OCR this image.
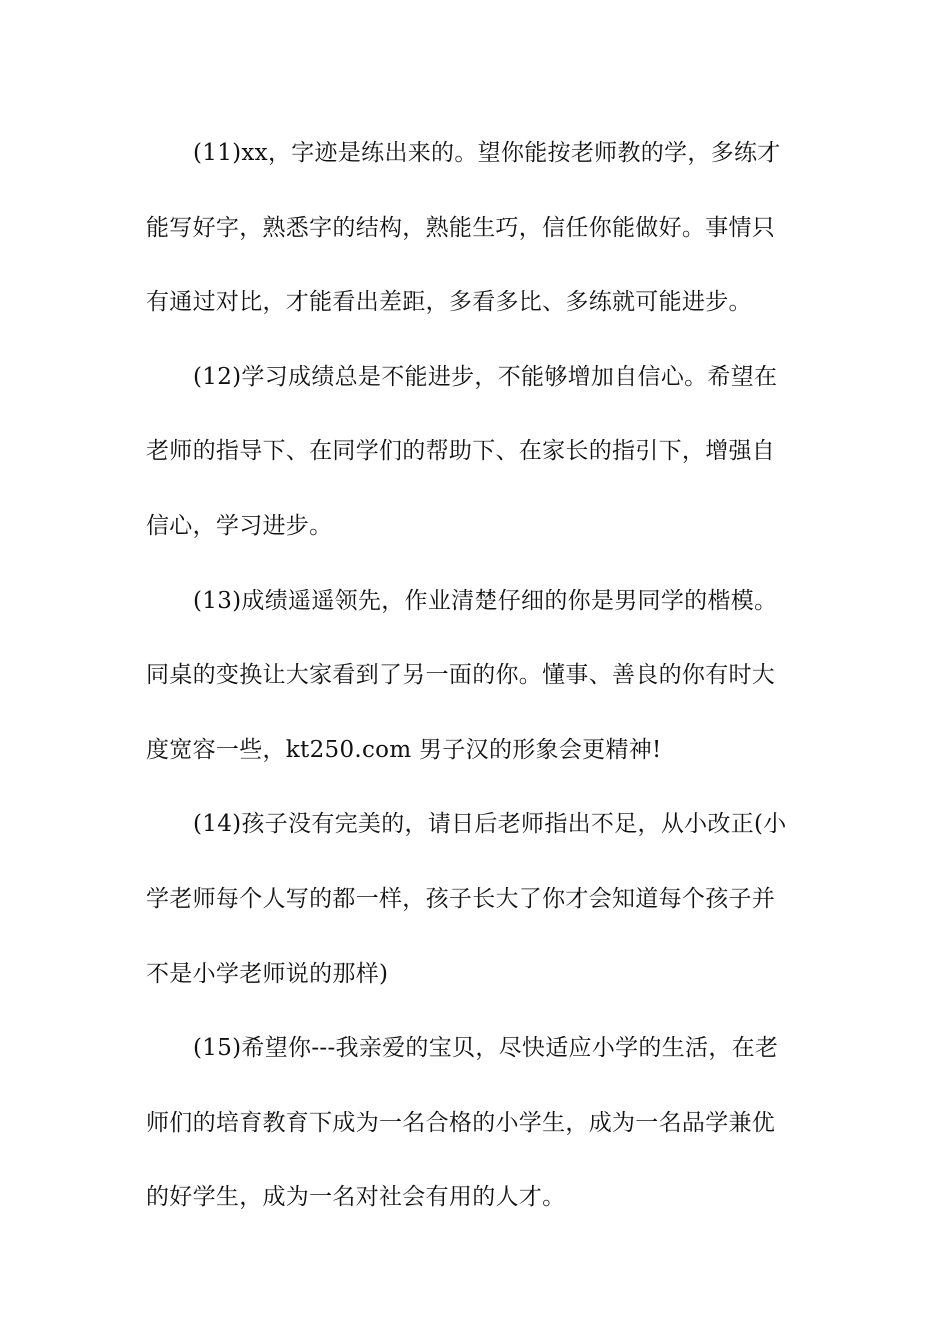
(11)xx，字迹是练出来的。望你能按老师教的学，多练才
能写好字，熟悉字的结构，熟能生巧，信任你能做好。事情只
有通过对比，才能看出差距，多看多比、多练就可能进步。
(12)学习成绩总是不能进步，不能够增加自信心。希望在
老师的指导下、在同学们的帮助下、在家长的指引下，增强自
信心，学习进步。
(13)成绩遥遥领先，作业清楚仔细的你是男同学的楷模。
同桌的变换让大家看到了另一面的你。懂事、善良的你有时大
度宽容一些，kt250.com 男子汉的形象会更精神!
(14)孩子没有完美的，请日后老师指出不足，从小改正(小
学老师每个人写的都一样，孩子长大了你才会知道每个孩子并
不是小学老师说的那样)
(15)希望你---我亲爱的宝贝，尽快适应小学的生活，在老
师们的培育教育下成为一名合格的小学生，成为一名品学兼优
的好学生，成为一名对社会有用的人才。
